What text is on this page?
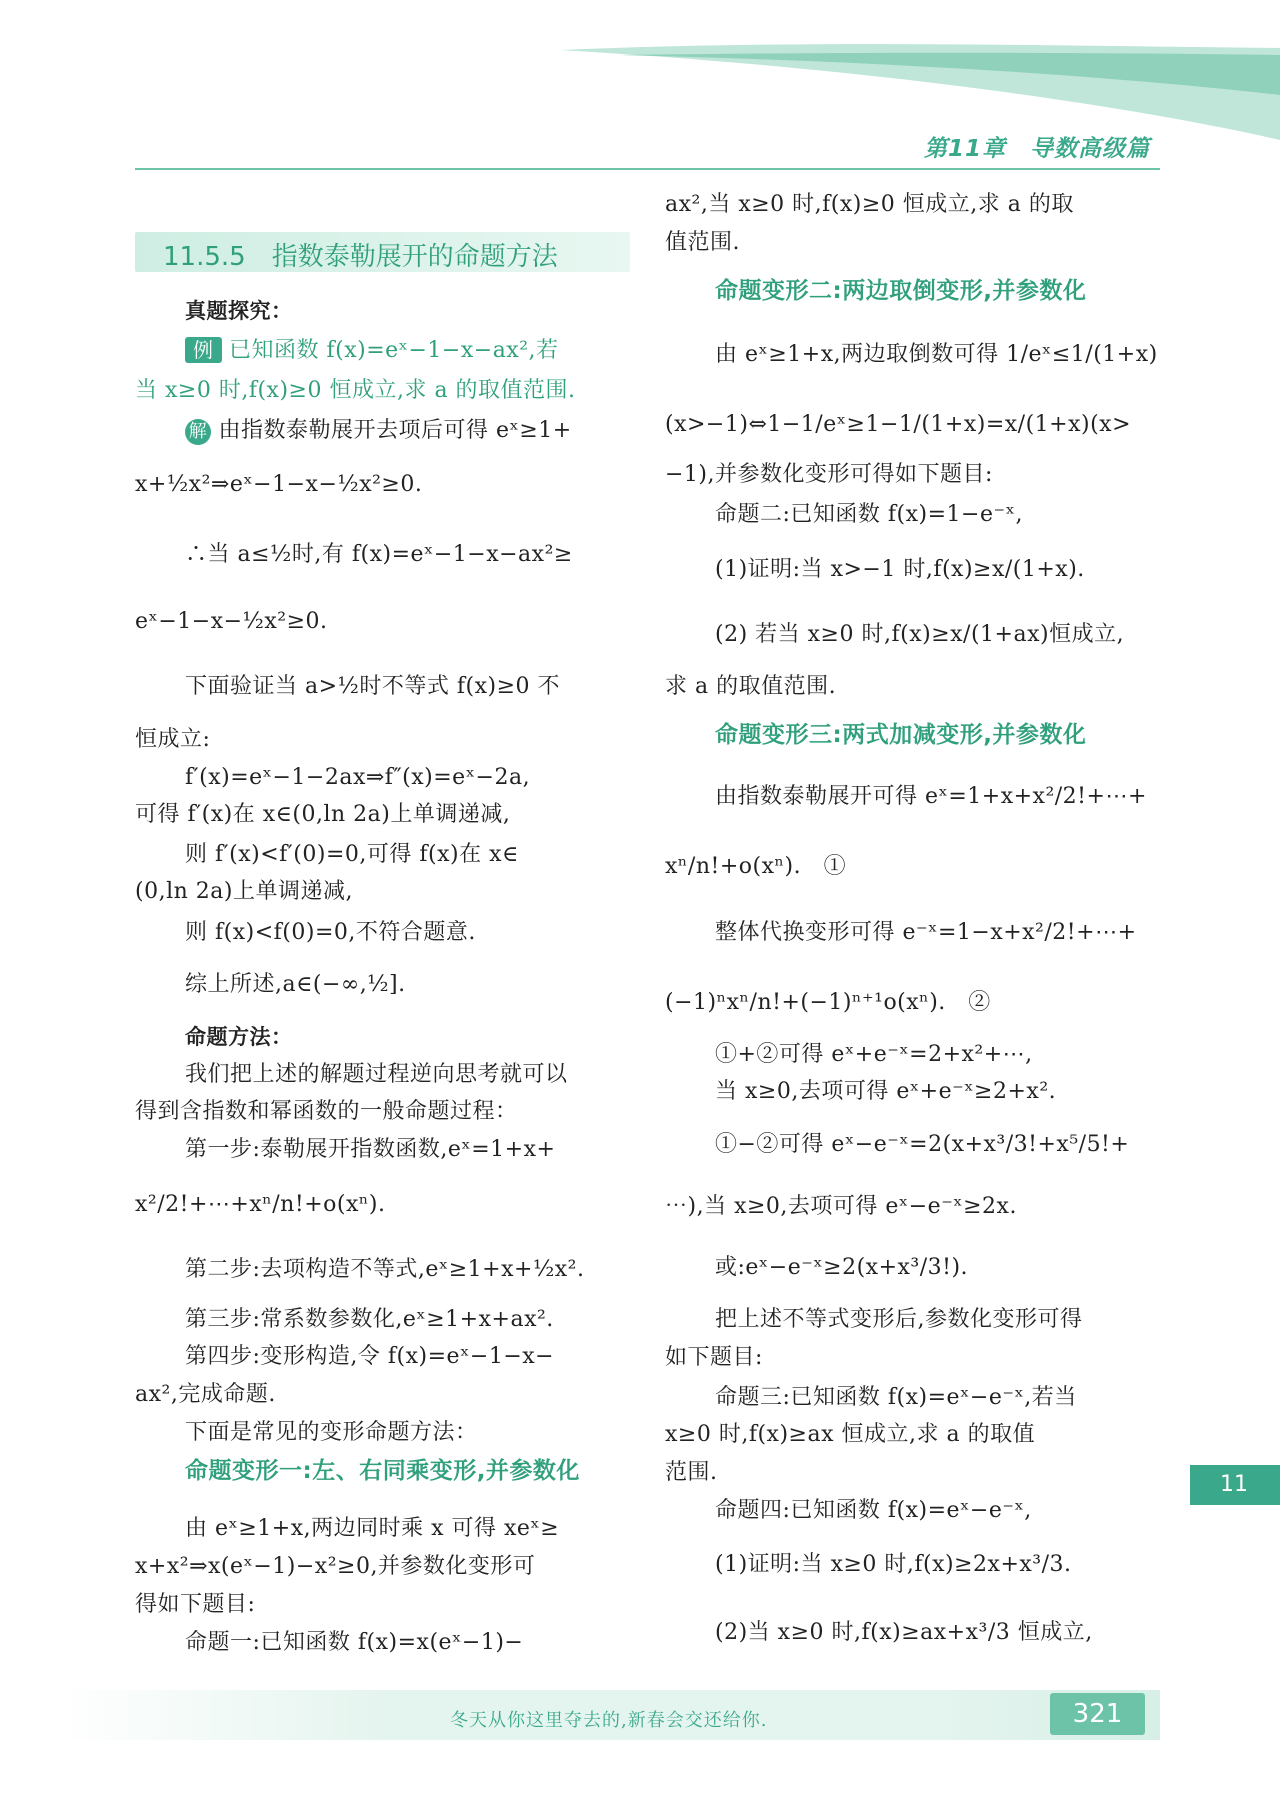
第11章　导数高级篇
11.5.5　指数泰勒展开的命题方法
真题探究：
例 已知函数 f(x)=eˣ−1−x−ax²,若
当 x≥0 时,f(x)≥0 恒成立,求 a 的取值范围.
解 由指数泰勒展开去项后可得 eˣ≥1+
x+½x²⇒eˣ−1−x−½x²≥0.
∴当 a≤½时,有 f(x)=eˣ−1−x−ax²≥
eˣ−1−x−½x²≥0.
下面验证当 a>½时不等式 f(x)≥0 不
恒成立:
f′(x)=eˣ−1−2ax⇒f″(x)=eˣ−2a,
可得 f′(x)在 x∈(0,ln 2a)上单调递减,
则 f′(x)<f′(0)=0,可得 f(x)在 x∈
(0,ln 2a)上单调递减,
则 f(x)<f(0)=0,不符合题意.
综上所述,a∈(−∞,½].
命题方法：
我们把上述的解题过程逆向思考就可以
得到含指数和幂函数的一般命题过程：
第一步:泰勒展开指数函数,eˣ=1+x+
x²/2!+⋯+xⁿ/n!+o(xⁿ).
第二步:去项构造不等式,eˣ≥1+x+½x².
第三步:常系数参数化,eˣ≥1+x+ax².
第四步:变形构造,令 f(x)=eˣ−1−x−
ax²,完成命题.
下面是常见的变形命题方法：
命题变形一:左、右同乘变形,并参数化
由 eˣ≥1+x,两边同时乘 x 可得 xeˣ≥
x+x²⇒x(eˣ−1)−x²≥0,并参数化变形可
得如下题目:
命题一:已知函数 f(x)=x(eˣ−1)−
ax²,当 x≥0 时,f(x)≥0 恒成立,求 a 的取
值范围.
命题变形二:两边取倒变形,并参数化
由 eˣ≥1+x,两边取倒数可得 1/eˣ≤1/(1+x)
(x>−1)⇔1−1/eˣ≥1−1/(1+x)=x/(1+x)(x>
−1),并参数化变形可得如下题目:
命题二:已知函数 f(x)=1−e⁻ˣ,
(1)证明:当 x>−1 时,f(x)≥x/(1+x).
(2) 若当 x≥0 时,f(x)≥x/(1+ax)恒成立,
求 a 的取值范围.
命题变形三:两式加减变形,并参数化
由指数泰勒展开可得 eˣ=1+x+x²/2!+⋯+
xⁿ/n!+o(xⁿ).　①
整体代换变形可得 e⁻ˣ=1−x+x²/2!+⋯+
(−1)ⁿxⁿ/n!+(−1)ⁿ⁺¹o(xⁿ).　②
①+②可得 eˣ+e⁻ˣ=2+x²+⋯,
当 x≥0,去项可得 eˣ+e⁻ˣ≥2+x².
①−②可得 eˣ−e⁻ˣ=2(x+x³/3!+x⁵/5!+
⋯),当 x≥0,去项可得 eˣ−e⁻ˣ≥2x.
或:eˣ−e⁻ˣ≥2(x+x³/3!).
把上述不等式变形后,参数化变形可得
如下题目:
命题三:已知函数 f(x)=eˣ−e⁻ˣ,若当
x≥0 时,f(x)≥ax 恒成立,求 a 的取值
范围.
命题四:已知函数 f(x)=eˣ−e⁻ˣ,
(1)证明:当 x≥0 时,f(x)≥2x+x³/3.
(2)当 x≥0 时,f(x)≥ax+x³/3 恒成立,
11
冬天从你这里夺去的,新春会交还给你.	321
